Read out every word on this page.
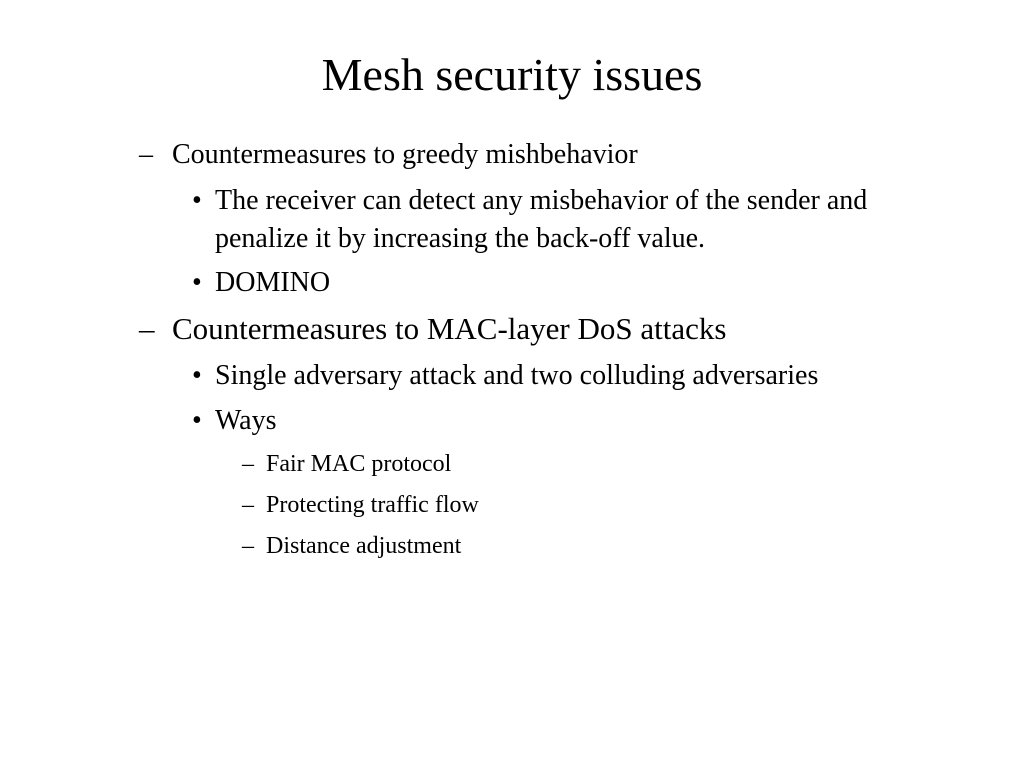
Mesh security issues
– Countermeasures to greedy mishbehavior
• The receiver can detect any misbehavior of the sender and penalize it by increasing the back-off value.
• DOMINO
– Countermeasures to MAC-layer DoS attacks
• Single adversary attack and two colluding adversaries
• Ways
– Fair MAC protocol
– Protecting traffic flow
– Distance adjustment
